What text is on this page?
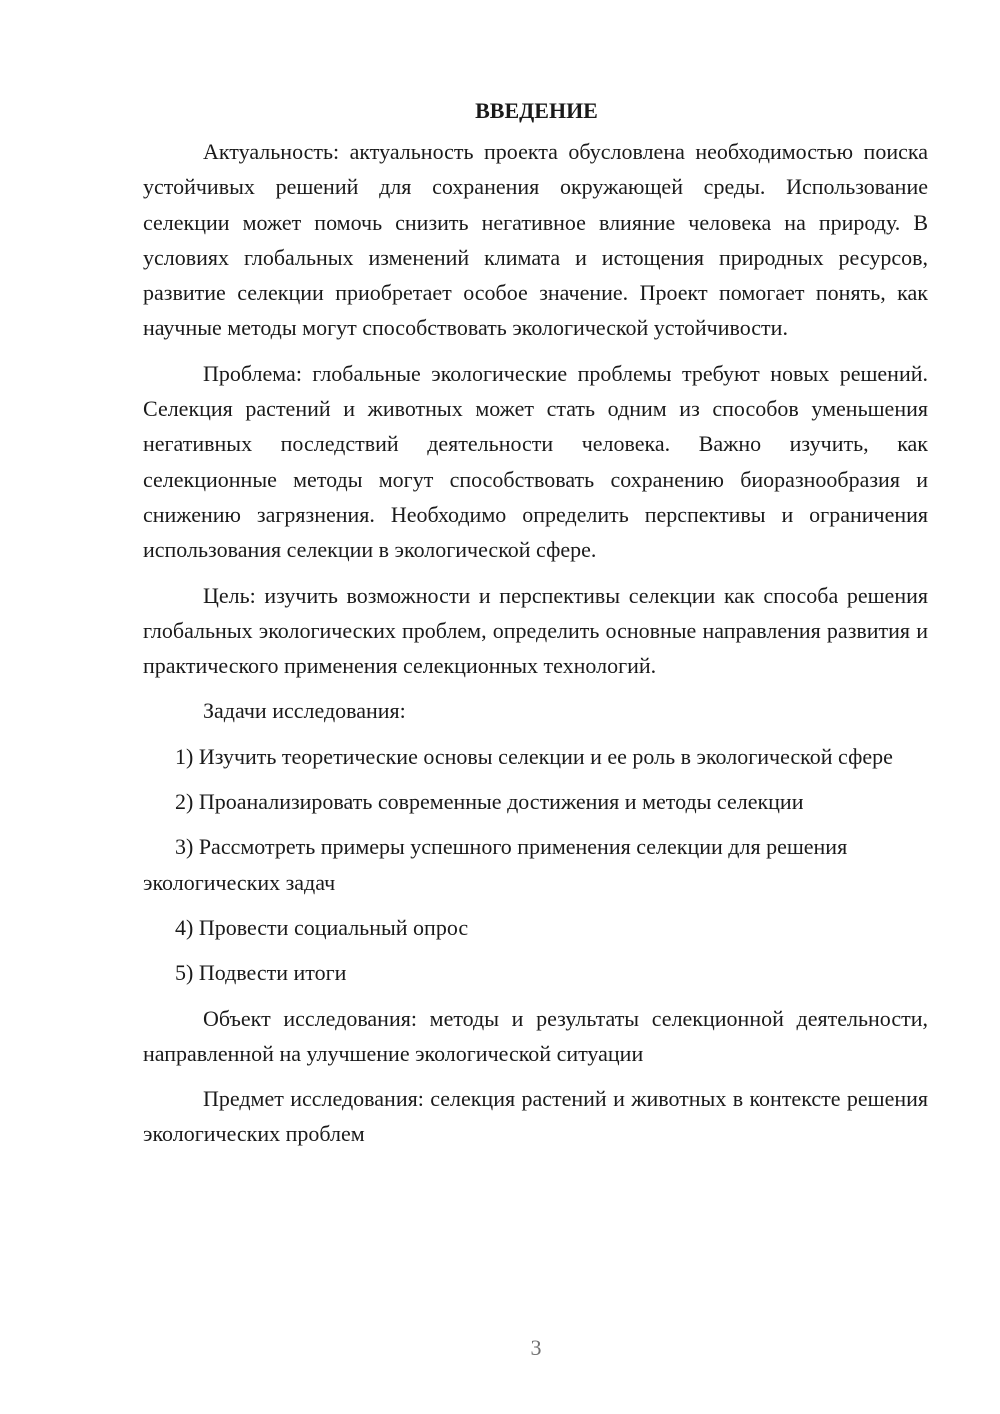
ВВЕДЕНИЕ

Актуальность: актуальность проекта обусловлена необходимостью поиска устойчивых решений для сохранения окружающей среды. Использование селекции может помочь снизить негативное влияние человека на природу. В условиях глобальных изменений климата и истощения природных ресурсов, развитие селекции приобретает особое значение. Проект помогает понять, как научные методы могут способствовать экологической устойчивости.

Проблема: глобальные экологические проблемы требуют новых решений. Селекция растений и животных может стать одним из способов уменьшения негативных последствий деятельности человека. Важно изучить, как селекционные методы могут способствовать сохранению биоразнообразия и снижению загрязнения. Необходимо определить перспективы и ограничения использования селекции в экологической сфере.

Цель: изучить возможности и перспективы селекции как способа решения глобальных экологических проблем, определить основные направления развития и практического применения селекционных технологий.

Задачи исследования:

1) Изучить теоретические основы селекции и ее роль в экологической сфере

2) Проанализировать современные достижения и методы селекции

3) Рассмотреть примеры успешного применения селекции для решения экологических задач

4) Провести социальный опрос

5) Подвести итоги

Объект исследования: методы и результаты селекционной деятельности, направленной на улучшение экологической ситуации

Предмет исследования: селекция растений и животных в контексте решения экологических проблем

3
